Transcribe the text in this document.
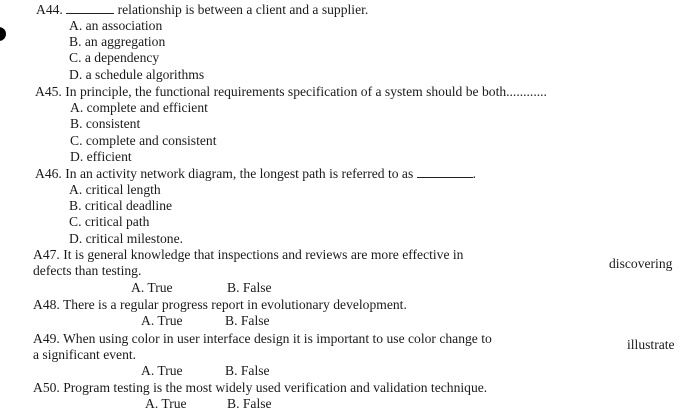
A44.	relationship is between a client and a supplier.
A. an association
B. an aggregation
C. a dependency
D. a schedule algorithms
A45. In principle, the functional requirements specification of a system should be both............
A. complete and efficient
B. consistent
C. complete and consistent
D. efficient
A46. In an activity network diagram, the longest path is referred to as	.
A. critical length
B. critical deadline
C. critical path
D. critical milestone.
A47. It is general knowledge that inspections and reviews are more effective in
defects than testing.
A. True	B. False
A48. There is a regular progress report in evolutionary development.
A. True	B. False
A49. When using color in user interface design it is important to use color change to
a significant event.
A. True	B. False
A50. Program testing is the most widely used verification and validation technique.
A. True	B. False
discovering
illustrate
